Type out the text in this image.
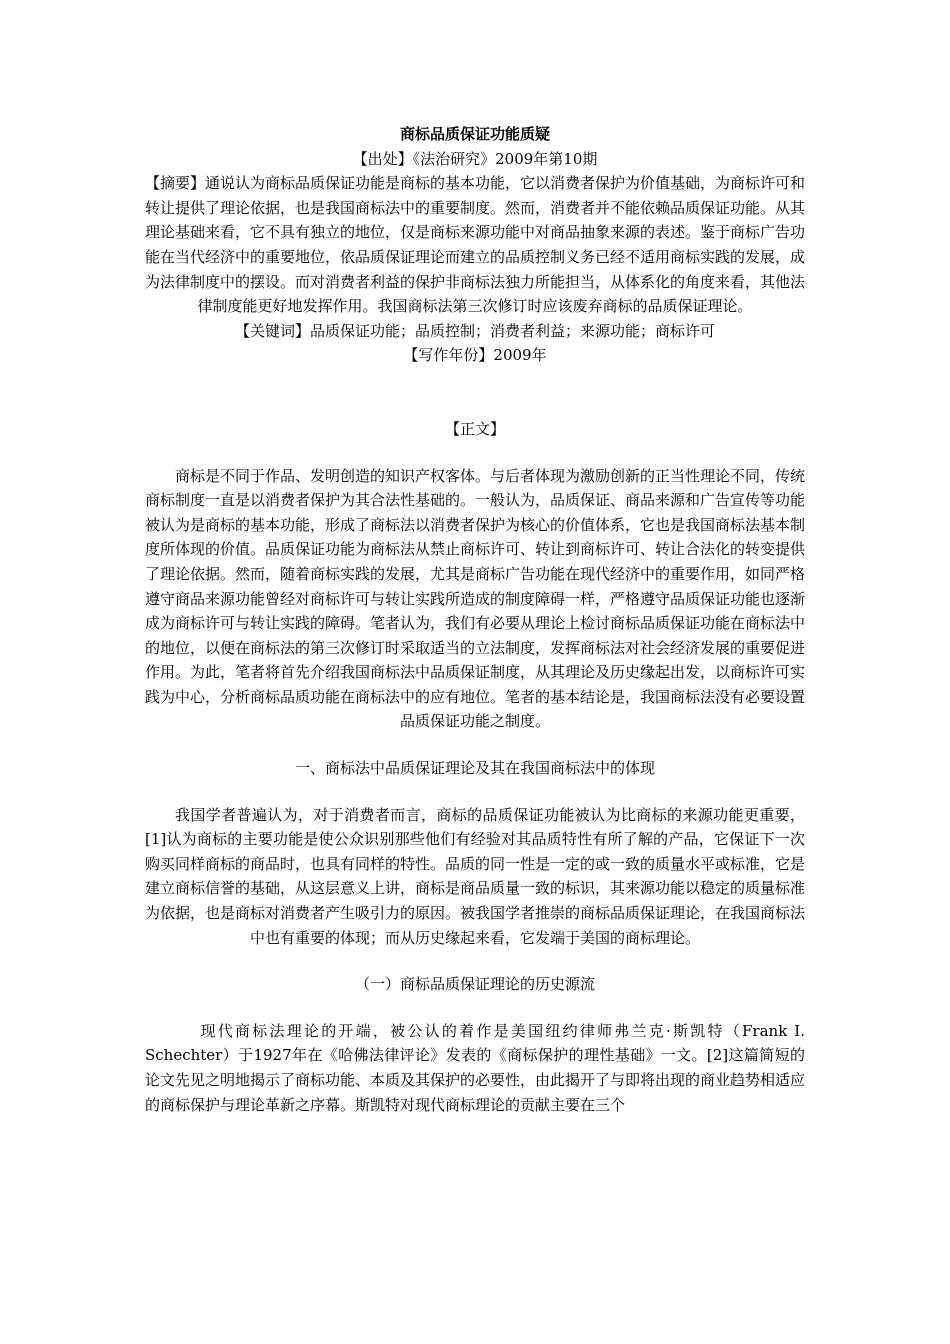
商标品质保证功能质疑

【出处】《法治研究》2009年第10期

【摘要】通说认为商标品质保证功能是商标的基本功能，它以消费者保护为价值基础，为商标许可和转让提供了理论依据，也是我国商标法中的重要制度。然而，消费者并不能依赖品质保证功能。从其理论基础来看，它不具有独立的地位，仅是商标来源功能中对商品抽象来源的表述。鉴于商标广告功能在当代经济中的重要地位，依品质保证理论而建立的品质控制义务已经不适用商标实践的发展，成为法律制度中的摆设。而对消费者利益的保护非商标法独力所能担当，从体系化的角度来看，其他法律制度能更好地发挥作用。我国商标法第三次修订时应该废弃商标的品质保证理论。

【关键词】品质保证功能；品质控制；消费者利益；来源功能；商标许可

【写作年份】2009年

【正文】

商标是不同于作品、发明创造的知识产权客体。与后者体现为激励创新的正当性理论不同，传统商标制度一直是以消费者保护为其合法性基础的。一般认为，品质保证、商品来源和广告宣传等功能被认为是商标的基本功能，形成了商标法以消费者保护为核心的价值体系，它也是我国商标法基本制度所体现的价值。品质保证功能为商标法从禁止商标许可、转让到商标许可、转让合法化的转变提供了理论依据。然而，随着商标实践的发展，尤其是商标广告功能在现代经济中的重要作用，如同严格遵守商品来源功能曾经对商标许可与转让实践所造成的制度障碍一样，严格遵守品质保证功能也逐渐成为商标许可与转让实践的障碍。笔者认为，我们有必要从理论上检讨商标品质保证功能在商标法中的地位，以便在商标法的第三次修订时采取适当的立法制度，发挥商标法对社会经济发展的重要促进作用。为此，笔者将首先介绍我国商标法中品质保证制度，从其理论及历史缘起出发，以商标许可实践为中心，分析商标品质功能在商标法中的应有地位。笔者的基本结论是，我国商标法没有必要设置品质保证功能之制度。

一、商标法中品质保证理论及其在我国商标法中的体现

我国学者普遍认为，对于消费者而言，商标的品质保证功能被认为比商标的来源功能更重要，[1]认为商标的主要功能是使公众识别那些他们有经验对其品质特性有所了解的产品，它保证下一次购买同样商标的商品时，也具有同样的特性。品质的同一性是一定的或一致的质量水平或标准，它是建立商标信誉的基础，从这层意义上讲，商标是商品质量一致的标识，其来源功能以稳定的质量标准为依据，也是商标对消费者产生吸引力的原因。被我国学者推崇的商标品质保证理论，在我国商标法中也有重要的体现；而从历史缘起来看，它发端于美国的商标理论。

（一）商标品质保证理论的历史源流

现代商标法理论的开端，被公认的着作是美国纽约律师弗兰克·斯凯特（Frank I. Schechter）于1927年在《哈佛法律评论》发表的《商标保护的理性基础》一文。[2]这篇简短的论文先见之明地揭示了商标功能、本质及其保护的必要性，由此揭开了与即将出现的商业趋势相适应的商标保护与理论革新之序幕。斯凯特对现代商标理论的贡献主要在三个
